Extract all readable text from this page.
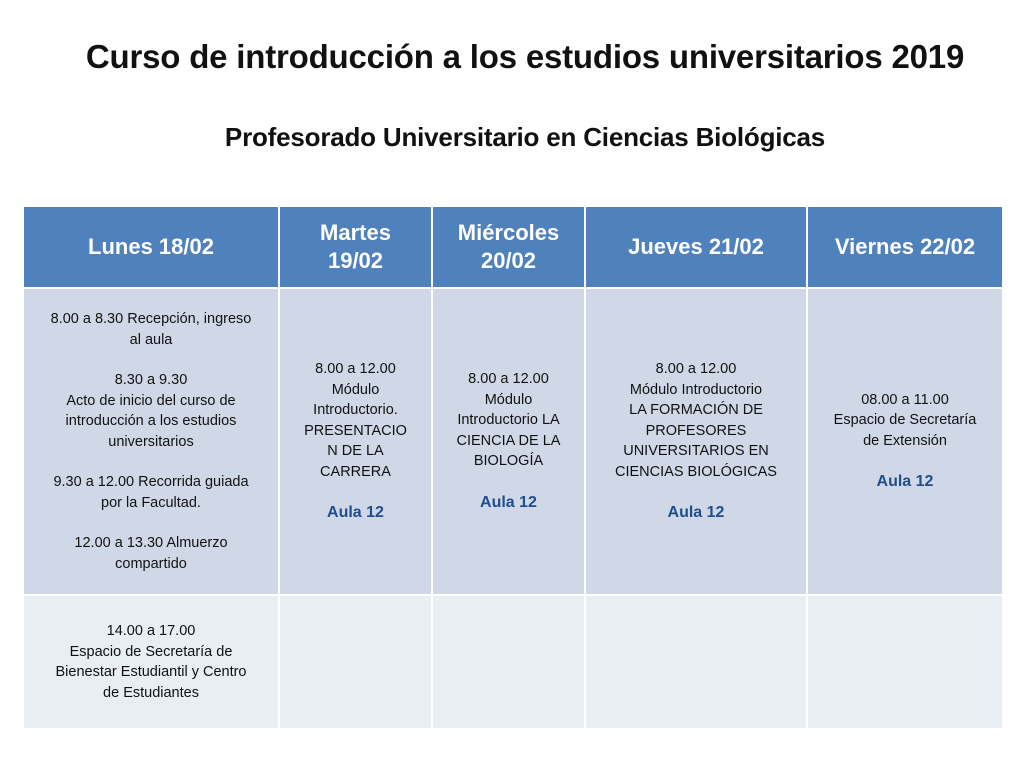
Curso de introducción a los estudios universitarios 2019
Profesorado Universitario en Ciencias Biológicas
Lunes 18/02
Martes
19/02
Miércoles
20/02
Jueves 21/02	Viernes 22/02
8.00 a 8.30 Recepción, ingreso
al aula
8.30 a 9.30
Acto de inicio del curso de
introducción a los estudios
universitarios
9.30 a 12.00 Recorrida guiada
por la Facultad.
12.00 a 13.30 Almuerzo
compartido
8.00 a 12.00
Módulo
Introductorio.
PRESENTACIO
N DE LA
CARRERA
Aula 12
8.00 a 12.00
Módulo
Introductorio LA
CIENCIA DE LA
BIOLOGÍA
Aula 12
8.00 a 12.00
Módulo Introductorio
LA FORMACIÓN DE
PROFESORES
UNIVERSITARIOS EN
CIENCIAS BIOLÓGICAS
Aula 12
08.00 a 11.00
Espacio de Secretaría
de Extensión
Aula 12
14.00 a 17.00
Espacio de Secretaría de
Bienestar Estudiantil y Centro
de Estudiantes
